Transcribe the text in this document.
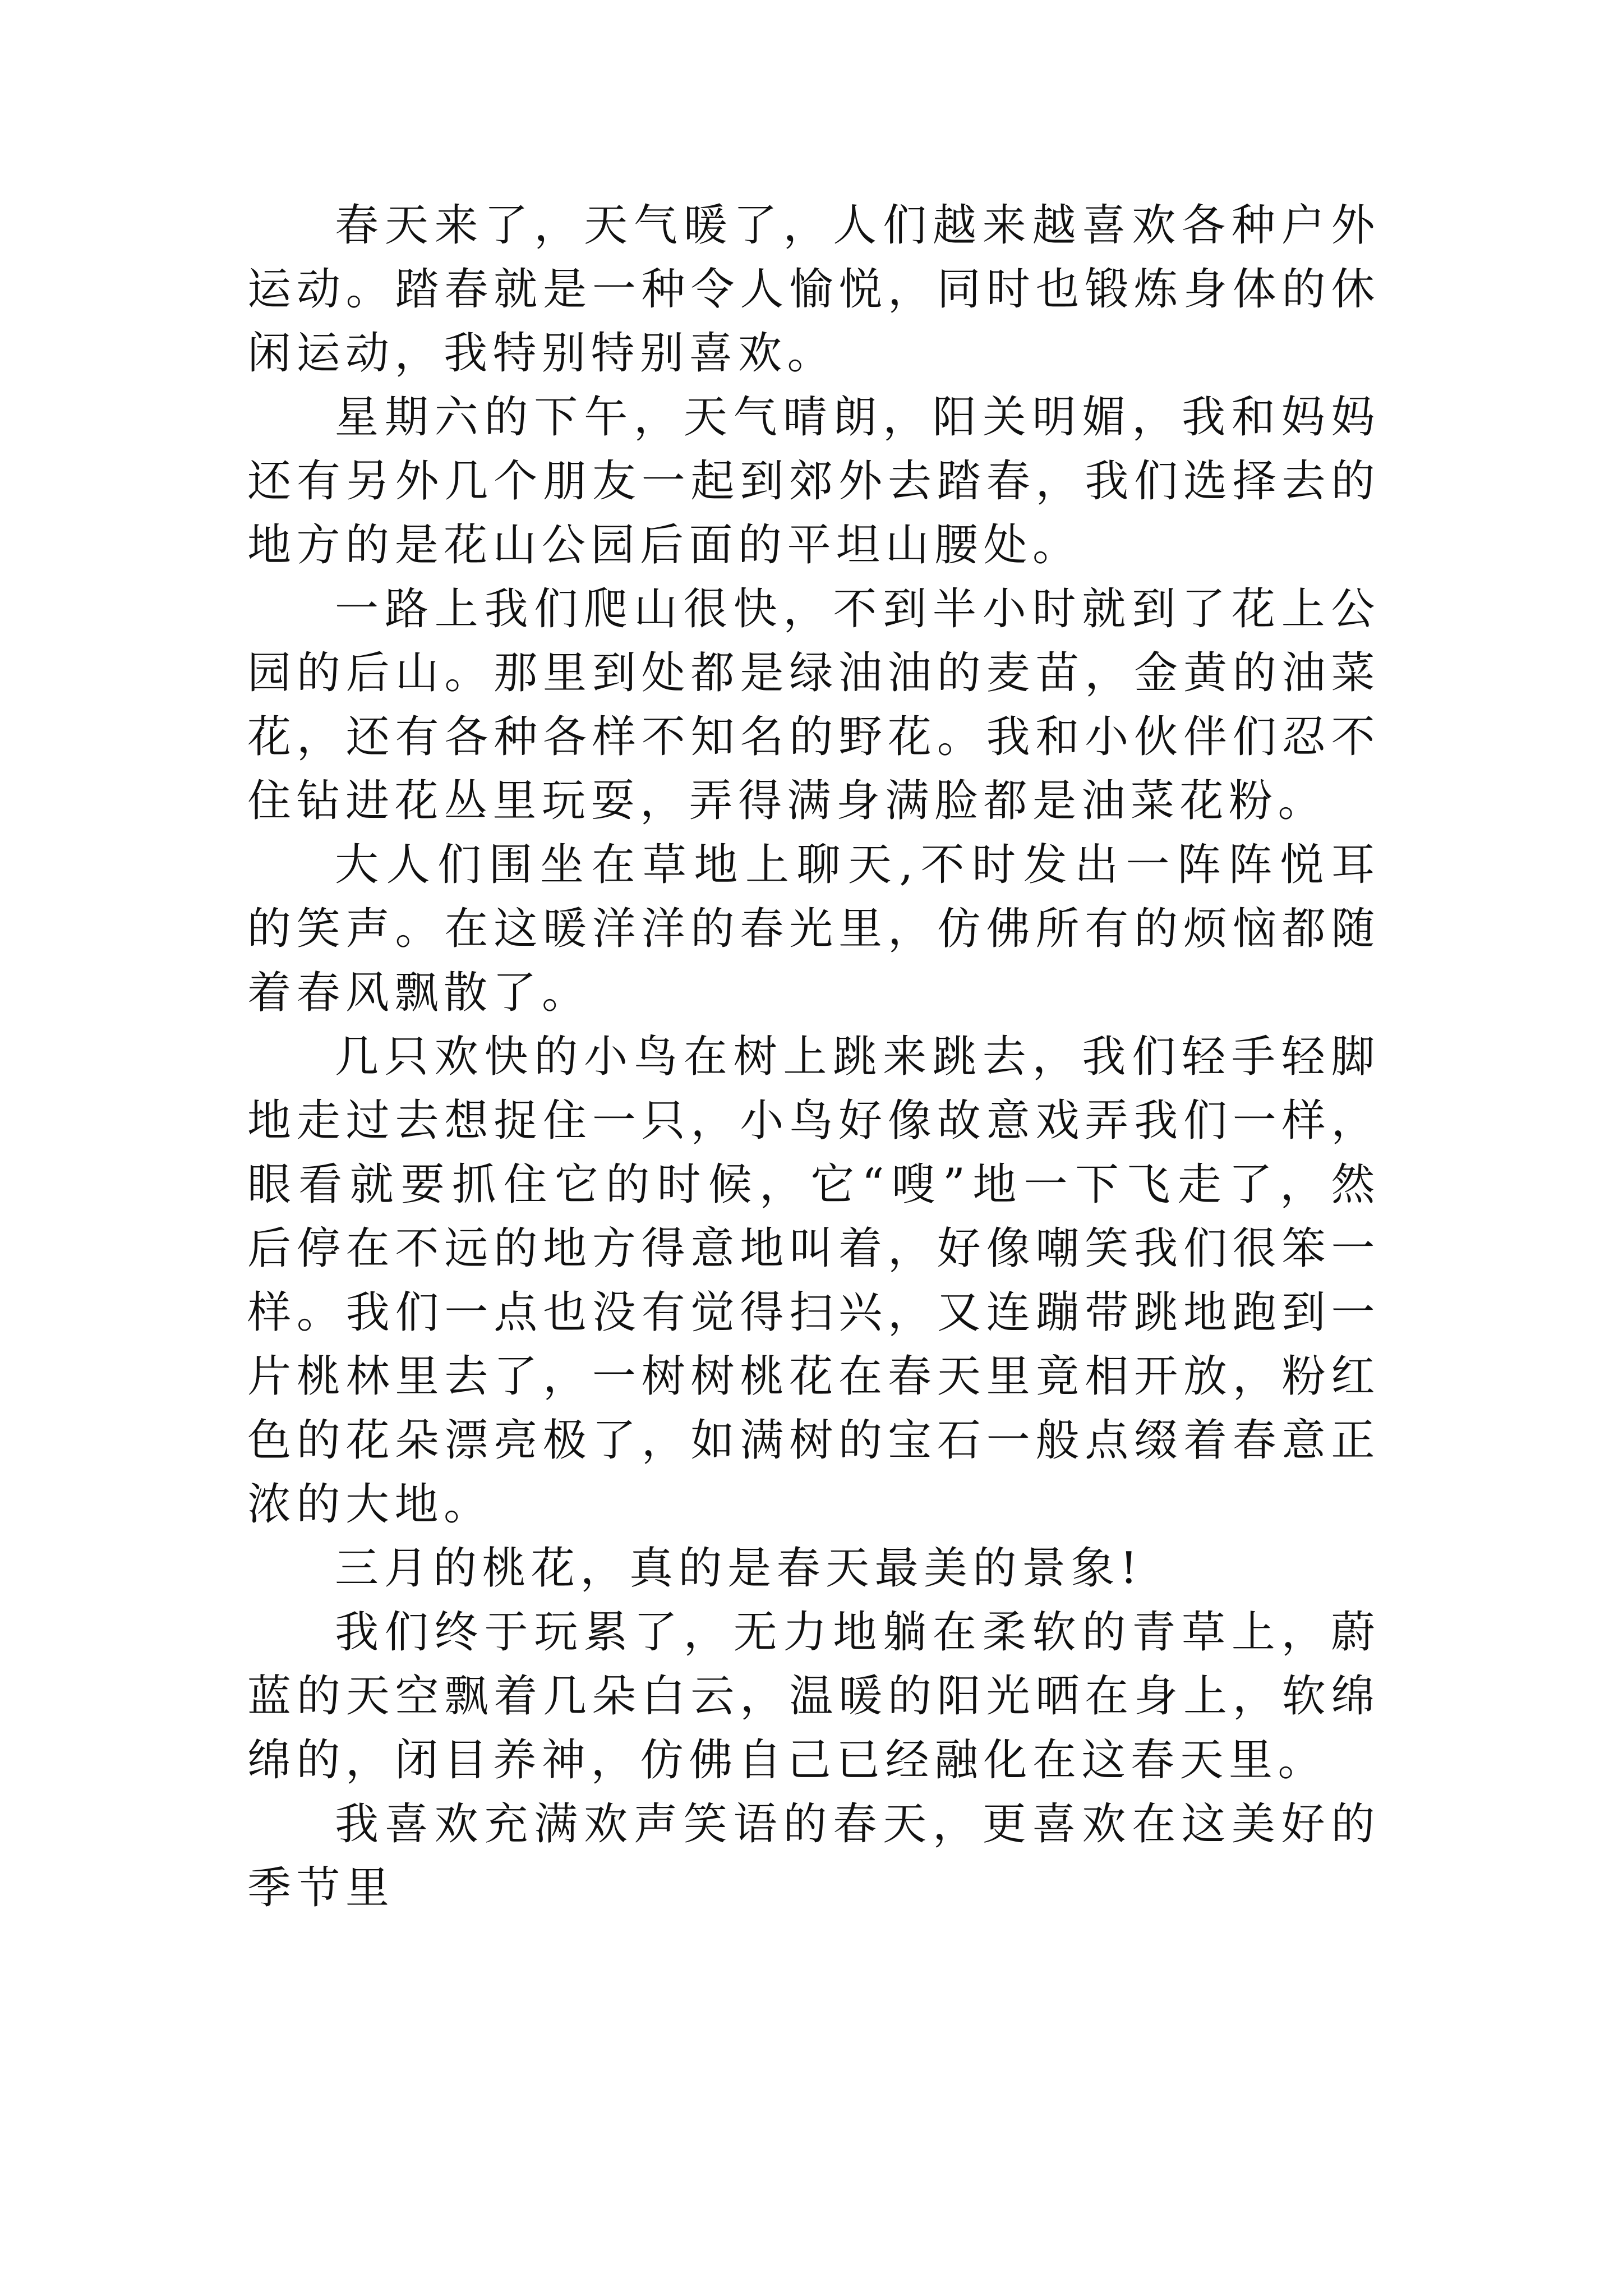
春天来了，天气暖了，人们越来越喜欢各种户外运动。踏春就是一种令人愉悦，同时也锻炼身体的休闲运动，我特别特别喜欢。

星期六的下午，天气晴朗，阳关明媚，我和妈妈还有另外几个朋友一起到郊外去踏春，我们选择去的地方的是花山公园后面的平坦山腰处。

一路上我们爬山很快，不到半小时就到了花上公园的后山。那里到处都是绿油油的麦苗，金黄的油菜花，还有各种各样不知名的野花。我和小伙伴们忍不住钻进花丛里玩耍，弄得满身满脸都是油菜花粉。

大人们围坐在草地上聊天,不时发出一阵阵悦耳的笑声。在这暖洋洋的春光里，仿佛所有的烦恼都随着春风飘散了。

几只欢快的小鸟在树上跳来跳去，我们轻手轻脚地走过去想捉住一只，小鸟好像故意戏弄我们一样，眼看就要抓住它的时候，它“嗖”地一下飞走了，然后停在不远的地方得意地叫着，好像嘲笑我们很笨一样。我们一点也没有觉得扫兴，又连蹦带跳地跑到一片桃林里去了，一树树桃花在春天里竟相开放，粉红色的花朵漂亮极了，如满树的宝石一般点缀着春意正浓的大地。

三月的桃花，真的是春天最美的景象!

我们终于玩累了，无力地躺在柔软的青草上，蔚蓝的天空飘着几朵白云，温暖的阳光晒在身上，软绵绵的，闭目养神，仿佛自己已经融化在这春天里。

我喜欢充满欢声笑语的春天，更喜欢在这美好的季节里
